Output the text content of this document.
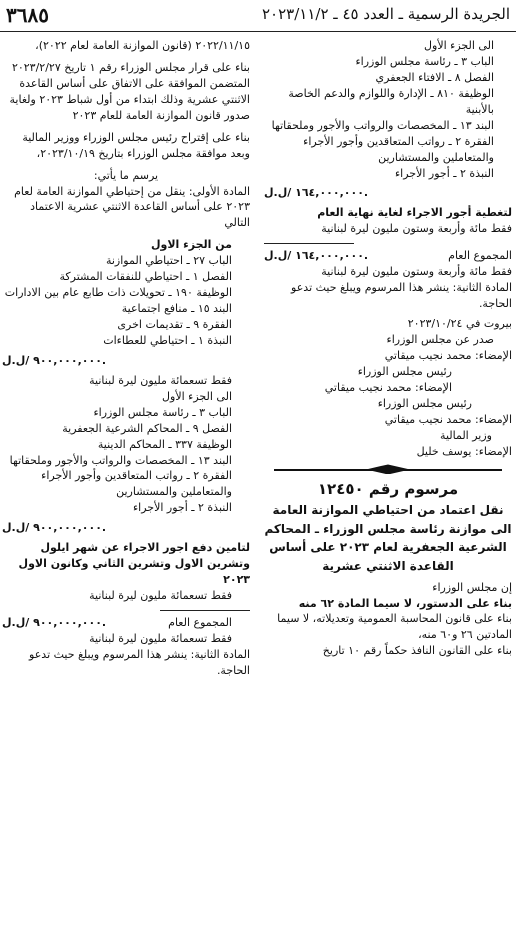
الجريدة الرسمية ـ العدد ٤٥ ـ ٢٠٢٣/١١/٢
٣٦٨٥
الى الجزء الأول
الباب ٣ ـ رئاسة مجلس الوزراء
الفصل ٨ ـ الافتاء الجعفري
الوظيفة ٨١٠ ـ الإدارة واللوازم والدعم الخاصة بالأبنية
البند ١٣ ـ المخصصات والرواتب والأجور وملحقاتها
الفقرة ٢ ـ رواتب المتعاقدين وأجور الأجراء والمتعاملين والمستشارين
النبذة ٢ ـ أجور الأجراء
١٦٤,٠٠٠,٠٠٠ /ل.ل.
لتغطية أجور الاجراء لغاية نهاية العام
فقط مائة وأربعة وستون مليون ليرة لبنانية
المجموع العام
١٦٤,٠٠٠,٠٠٠ /ل.ل.
فقط مائة وأربعة وستون مليون ليرة لبنانية
المادة الثانية: ينشر هذا المرسوم ويبلغ حيث تدعو الحاجة.
بيروت في ٢٠٢٣/١٠/٢٤
صدر عن مجلس الوزراء
الإمضاء: محمد نجيب ميقاتي
رئيس مجلس الوزراء
الإمضاء: محمد نجيب ميقاتي
رئيس مجلس الوزراء
الإمضاء: محمد نجيب ميقاتي
وزير المالية
الإمضاء: يوسف خليل
مرسوم رقم ١٢٤٥٠
نقل اعتماد من احتياطي الموازنة العامة الى موازنة رئاسة مجلس الوزراء ـ المحاكم الشرعية الجعفرية لعام ٢٠٢٣ على أساس القاعدة الاثنتي عشرية
إن مجلس الوزراء
بناء على الدستور، لا سيما المادة ٦٢ منه
بناء على قانون المحاسبة العمومية وتعديلاته، لا سيما المادتين ٢٦ و٦٠ منه،
بناء على القانون النافذ حكماً رقم ١٠ تاريخ
٢٠٢٢/١١/١٥ (قانون الموازنة العامة لعام ٢٠٢٢)،
بناء على قرار مجلس الوزراء رقم ١ تاريخ ٢٠٢٣/٢/٢٧ المتضمن الموافقة على الاتفاق على أساس القاعدة الاثنتي عشرية وذلك ابتداء من أول شباط ٢٠٢٣ ولغاية صدور قانون الموازنة العامة للعام ٢٠٢٣
بناء على إقتراح رئيس مجلس الوزراء ووزير المالية
وبعد موافقة مجلس الوزراء بتاريخ ٢٠٢٣/١٠/١٩،
يرسم ما يأتي:
المادة الأولى: ينقل من إحتياطي الموازنة العامة لعام ٢٠٢٣ على أساس القاعدة الاثنتي عشرية الاعتماد التالي
من الجزء الاول
الباب ٢٧ ـ احتياطي الموازنة
الفصل ١ ـ احتياطي للنفقات المشتركة
الوظيفة ١٩٠ ـ تحويلات ذات طابع عام بين الادارات
البند ١٥ ـ منافع اجتماعية
الفقرة ٩ ـ تقديمات اخرى
النبذة ١ ـ احتياطي للعطاءات
٩٠٠,٠٠٠,٠٠٠ /ل.ل.
فقط تسعمائة مليون ليرة لبنانية
الى الجزء الأول
الباب ٣ ـ رئاسة مجلس الوزراء
الفصل ٩ ـ المحاكم الشرعية الجعفرية
الوظيفة ٣٣٧ ـ المحاكم الدينية
البند ١٣ ـ المخصصات والرواتب والأجور وملحقاتها
الفقرة ٢ ـ رواتب المتعاقدين وأجور الأجراء والمتعاملين والمستشارين
النبذة ٢ ـ أجور الأجراء
٩٠٠,٠٠٠,٠٠٠ /ل.ل.
لتامين دفع اجور الاجراء عن شهر ايلول وتشرين الاول وتشرين الثاني وكانون الاول ٢٠٢٣
فقط تسعمائة مليون ليرة لبنانية
المجموع العام
٩٠٠,٠٠٠,٠٠٠ /ل.ل.
فقط تسعمائة مليون ليرة لبنانية
المادة الثانية: ينشر هذا المرسوم ويبلغ حيث تدعو الحاجة.
